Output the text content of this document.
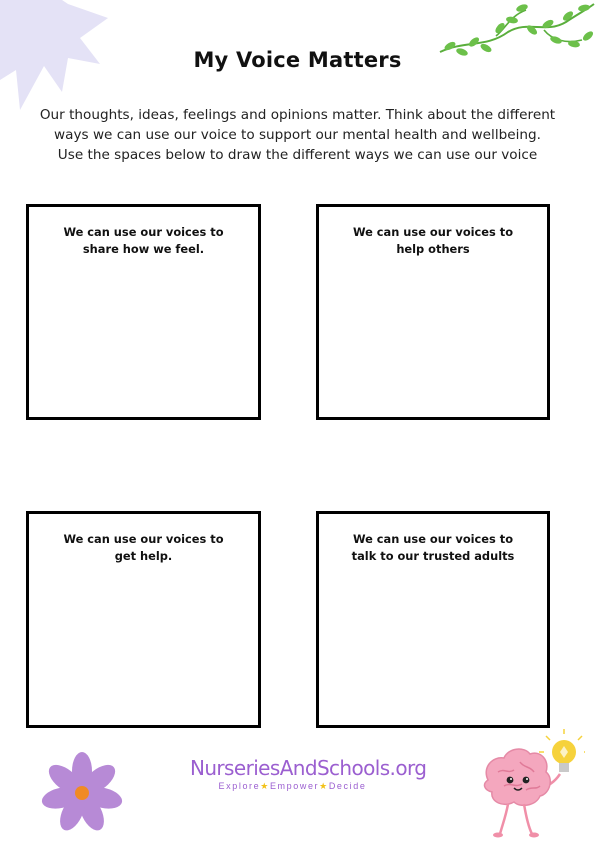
My Voice Matters
Our thoughts, ideas, feelings and opinions matter. Think about the different
ways we can use our voice to support our mental health and wellbeing.
Use the spaces below to draw the different ways we can use our voice
We can use our voices to
share how we feel.
We can use our voices to
help others
We can use our voices to
get help.
We can use our voices to
talk to our trusted adults
NurseriesAndSchools.org
Explore★Empower★Decide
